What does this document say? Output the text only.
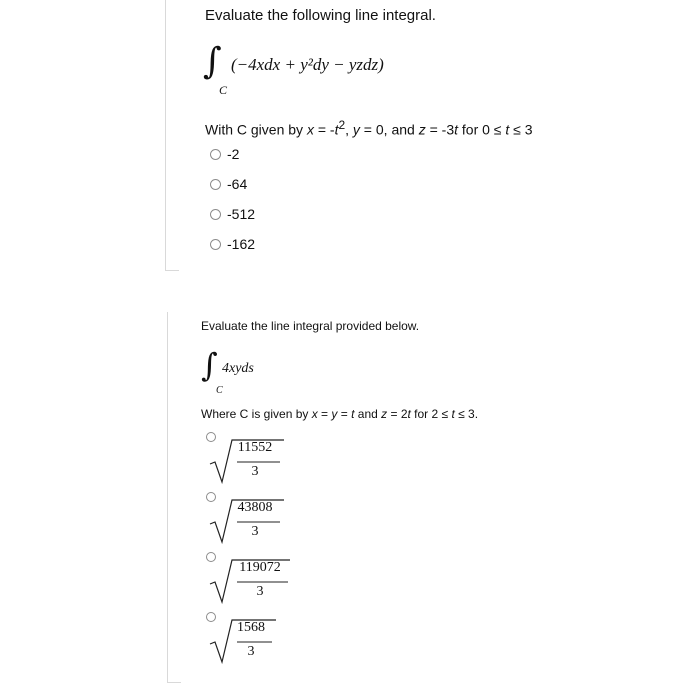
Evaluate the following line integral.
∫ (−4xdx + y²dy − yzdz)
C
With C given by $x = -t^2$, y = 0, and z = -3t for 0 ≤ t ≤ 3
-2
-64
-512
-162
Evaluate the line integral provided below.
∫ 4xyds
C
Where C is given by x = y = t and z = 2t for 2 ≤ t ≤ 3.
11552
3
43808
3
119072
3
1568
3
